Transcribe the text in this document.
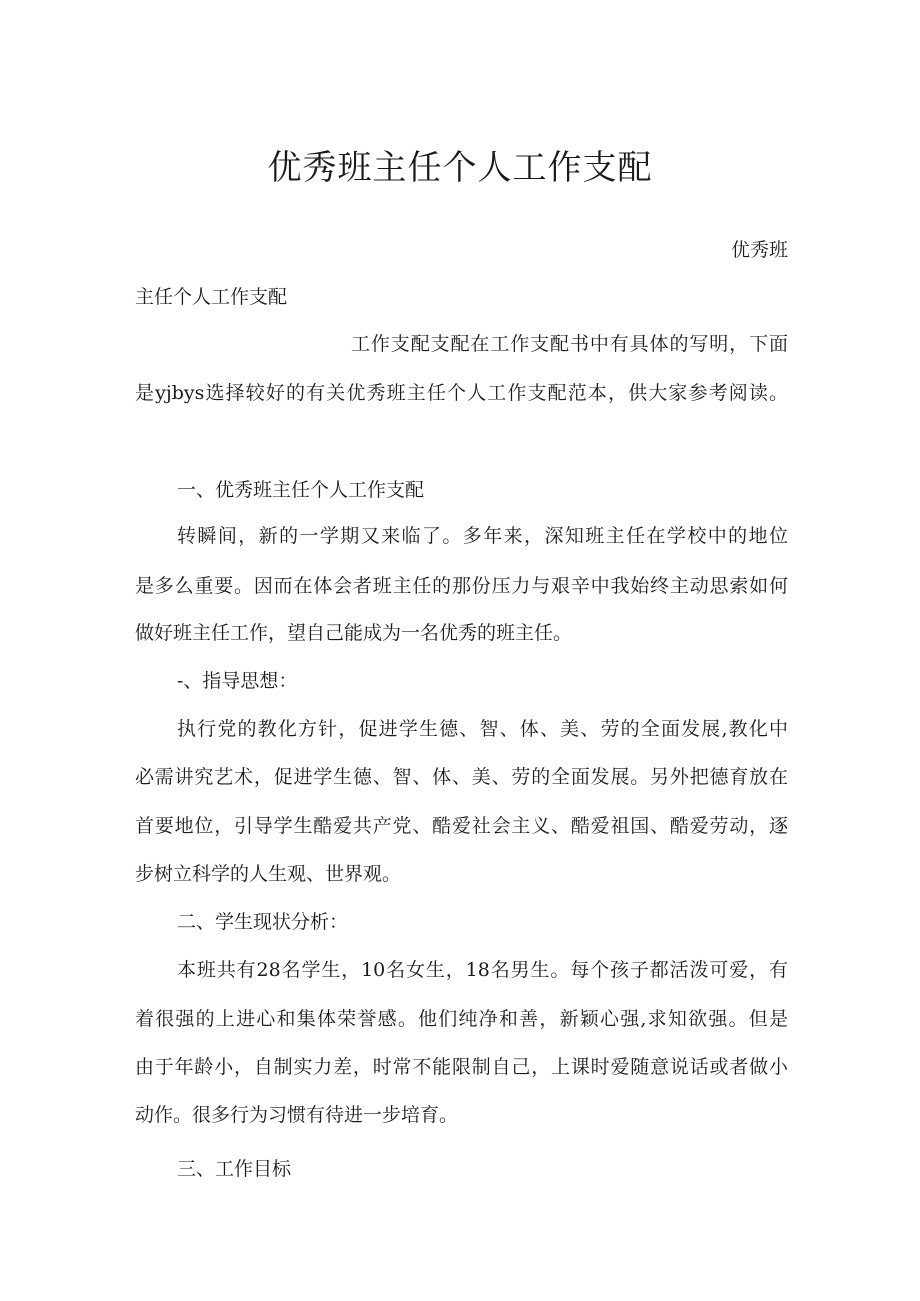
优秀班主任个人工作支配
优秀班
主任个人工作支配
工作支配支配在工作支配书中有具体的写明，下面
是yjbys选择较好的有关优秀班主任个人工作支配范本，供大家参考阅读。
一、优秀班主任个人工作支配
转瞬间，新的一学期又来临了。多年来，深知班主任在学校中的地位
是多么重要。因而在体会者班主任的那份压力与艰辛中我始终主动思索如何
做好班主任工作，望自己能成为一名优秀的班主任。
-、指导思想：
执行党的教化方针，促进学生德、智、体、美、劳的全面发展,教化中
必需讲究艺术，促进学生德、智、体、美、劳的全面发展。另外把德育放在
首要地位，引导学生酷爱共产党、酷爱社会主义、酷爱祖国、酷爱劳动，逐
步树立科学的人生观、世界观。
二、学生现状分析：
本班共有28名学生，10名女生，18名男生。每个孩子都活泼可爱，有
着很强的上进心和集体荣誉感。他们纯净和善，新颖心强,求知欲强。但是
由于年龄小，自制实力差，时常不能限制自己，上课时爱随意说话或者做小
动作。很多行为习惯有待进一步培育。
三、工作目标
